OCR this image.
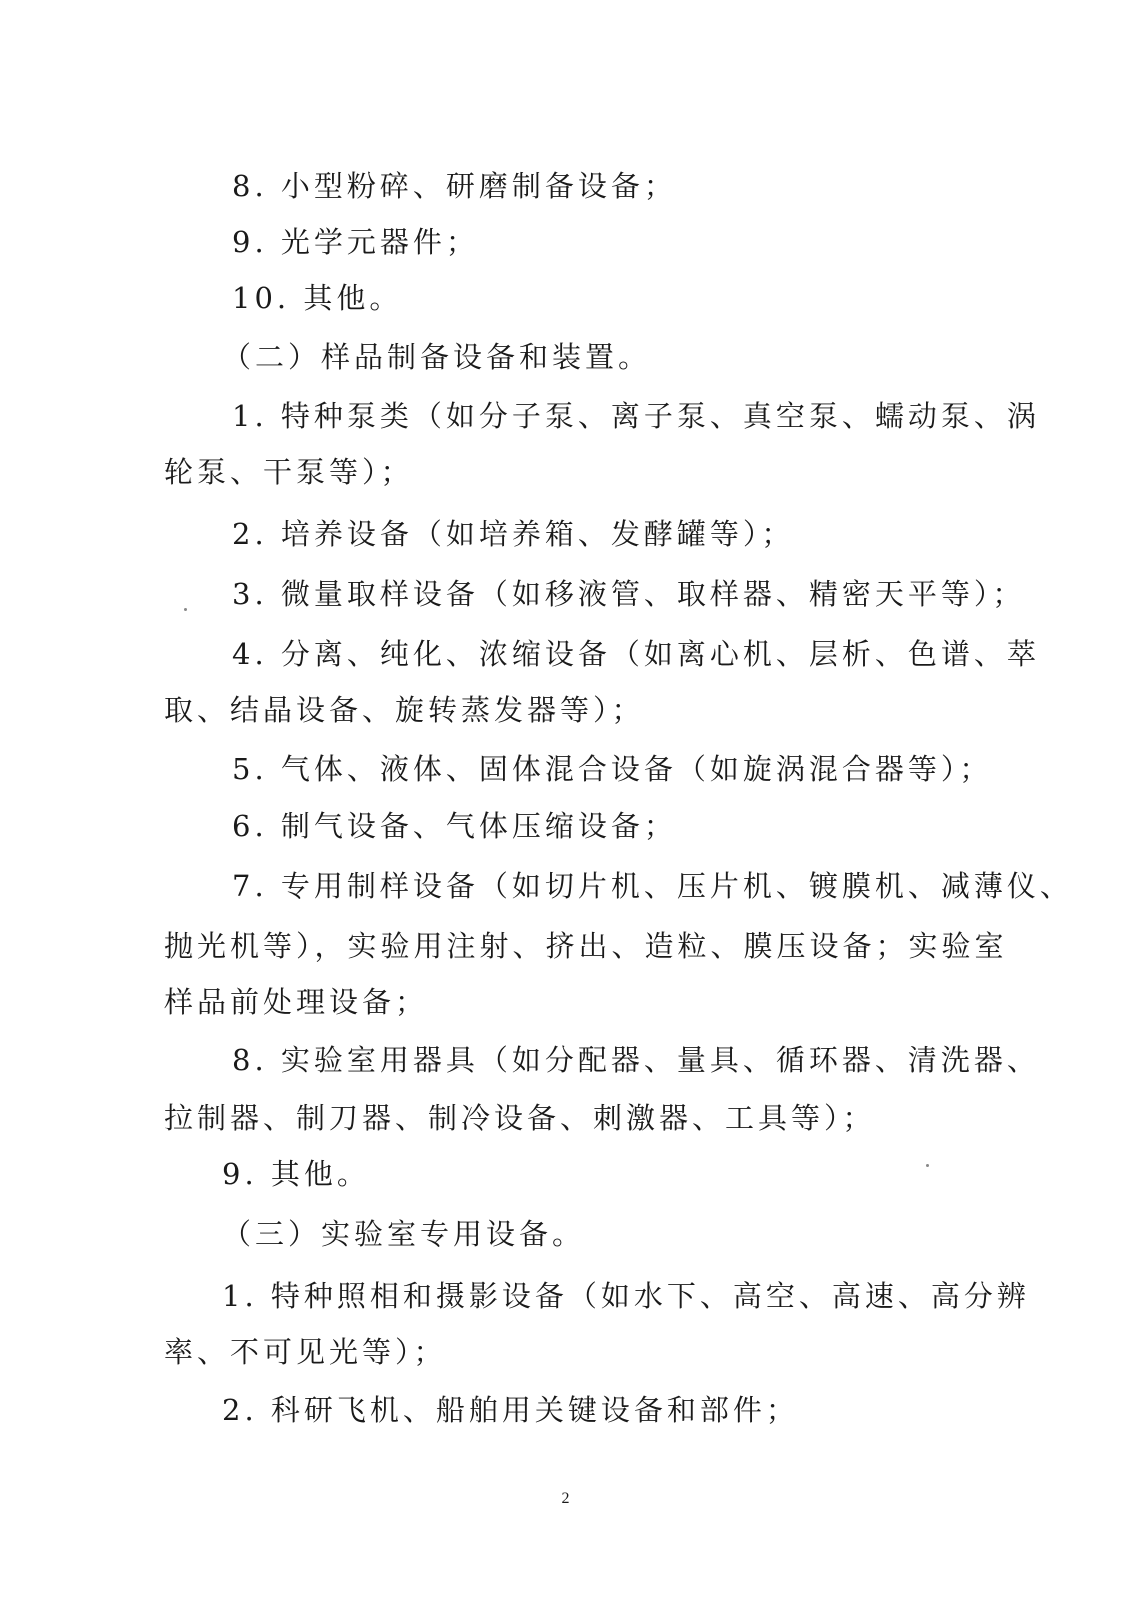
8. 小型粉碎、研磨制备设备；
9. 光学元器件；
10. 其他。
（二）样品制备设备和装置。
1. 特种泵类（如分子泵、离子泵、真空泵、蠕动泵、涡
轮泵、干泵等）；
2. 培养设备（如培养箱、发酵罐等）；
3. 微量取样设备（如移液管、取样器、精密天平等）；
4. 分离、纯化、浓缩设备（如离心机、层析、色谱、萃
取、结晶设备、旋转蒸发器等）；
5. 气体、液体、固体混合设备（如旋涡混合器等）；
6. 制气设备、气体压缩设备；
7. 专用制样设备（如切片机、压片机、镀膜机、减薄仪、
抛光机等），实验用注射、挤出、造粒、膜压设备；实验室
样品前处理设备；
8. 实验室用器具（如分配器、量具、循环器、清洗器、
拉制器、制刀器、制冷设备、刺激器、工具等）；
9. 其他。
（三）实验室专用设备。
1. 特种照相和摄影设备（如水下、高空、高速、高分辨
率、不可见光等）；
2. 科研飞机、船舶用关键设备和部件；
2
